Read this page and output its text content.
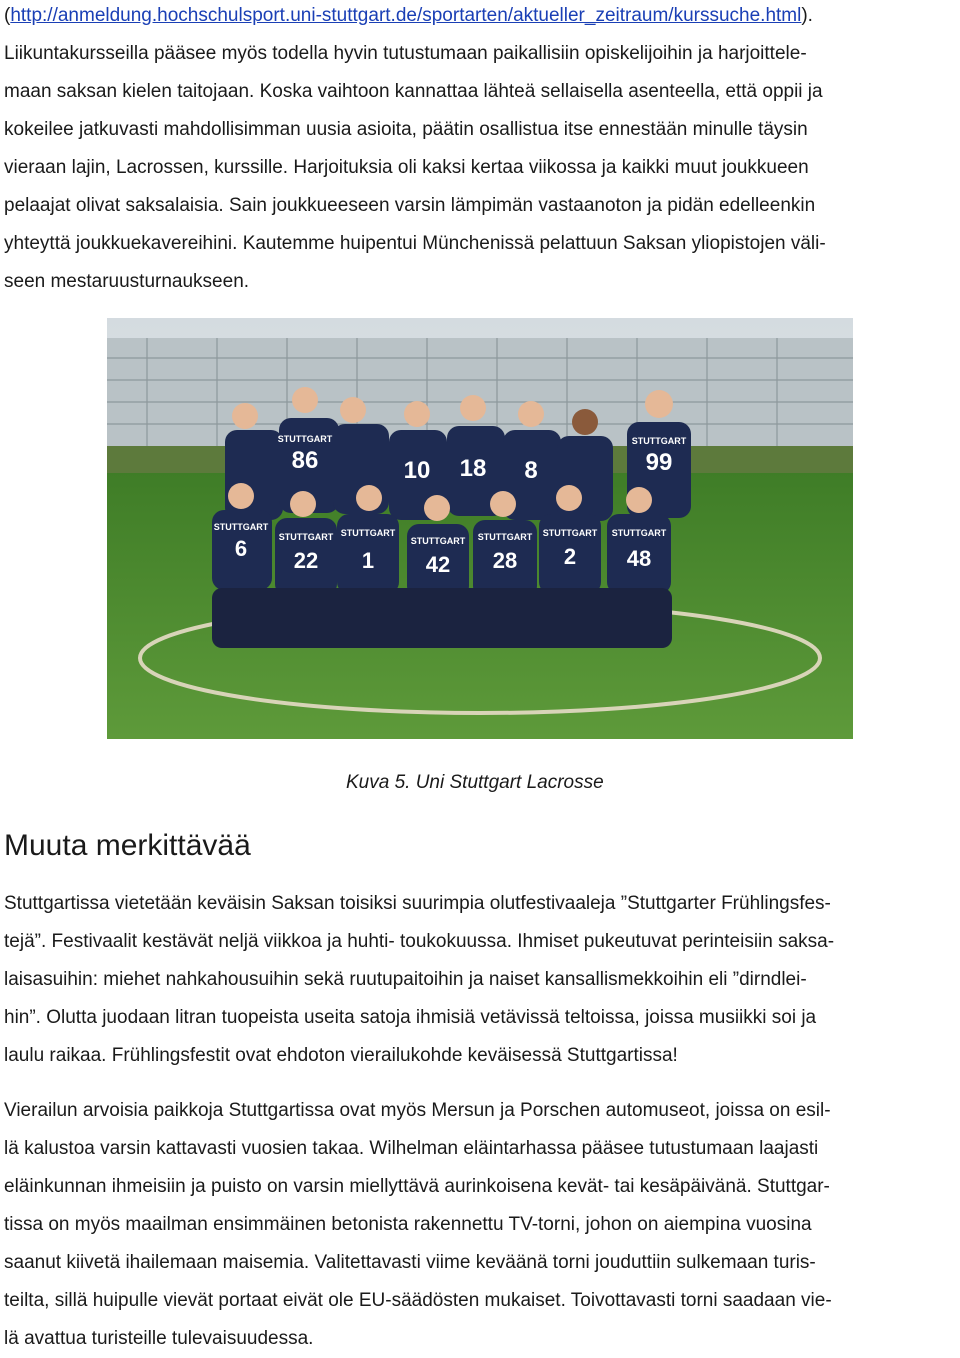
(http://anmeldung.hochschulsport.uni-stuttgart.de/sportarten/aktueller_zeitraum/kurssuche.html).
Liikuntakursseilla pääsee myös todella hyvin tutustumaan paikallisiin opiskelijoihin ja harjoittele-
maan saksan kielen taitojaan. Koska vaihtoon kannattaa lähteä sellaisella asenteella, että oppii ja
kokeilee jatkuvasti mahdollisimman uusia asioita, päätin osallistua itse ennestään minulle täysin
vieraan lajin, Lacrossen, kurssille. Harjoituksia oli kaksi kertaa viikossa ja kaikki muut joukkueen
pelaajat olivat saksalaisia. Sain joukkueeseen varsin lämpimän vastaanoton ja pidän edelleenkin
yhteyttä joukkuekavereihini. Kautemme huipentui Münchenissä pelattuun Saksan yliopistojen väli-
seen mestaruusturnaukseen.
STUTTGART
86	10 18 8
STUTTGART
99
STUTTGART
6	STUTTGART
22
STUTTGART
1
STUTTGART
42
STUTTGART
28
STUTTGART
2
STUTTGART
48
Kuva 5. Uni Stuttgart Lacrosse
Muuta merkittävää
Stuttgartissa vietetään keväisin Saksan toisiksi suurimpia olutfestivaaleja ”Stuttgarter Frühlingsfes-
tejä”. Festivaalit kestävät neljä viikkoa ja huhti- toukokuussa. Ihmiset pukeutuvat perinteisiin saksa-
laisasuihin: miehet nahkahousuihin sekä ruutupaitoihin ja naiset kansallismekkoihin eli ”dirndlei-
hin”. Olutta juodaan litran tuopeista useita satoja ihmisiä vetävissä teltoissa, joissa musiikki soi ja
laulu raikaa. Frühlingsfestit ovat ehdoton vierailukohde keväisessä Stuttgartissa!
Vierailun arvoisia paikkoja Stuttgartissa ovat myös Mersun ja Porschen automuseot, joissa on esil-
lä kalustoa varsin kattavasti vuosien takaa. Wilhelman eläintarhassa pääsee tutustumaan laajasti
eläinkunnan ihmeisiin ja puisto on varsin miellyttävä aurinkoisena kevät- tai kesäpäivänä. Stuttgar-
tissa on myös maailman ensimmäinen betonista rakennettu TV-torni, johon on aiempina vuosina
saanut kiivetä ihailemaan maisemia. Valitettavasti viime keväänä torni jouduttiin sulkemaan turis-
teilta, sillä huipulle vievät portaat eivät ole EU-säädösten mukaiset. Toivottavasti torni saadaan vie-
lä avattua turisteille tulevaisuudessa.
